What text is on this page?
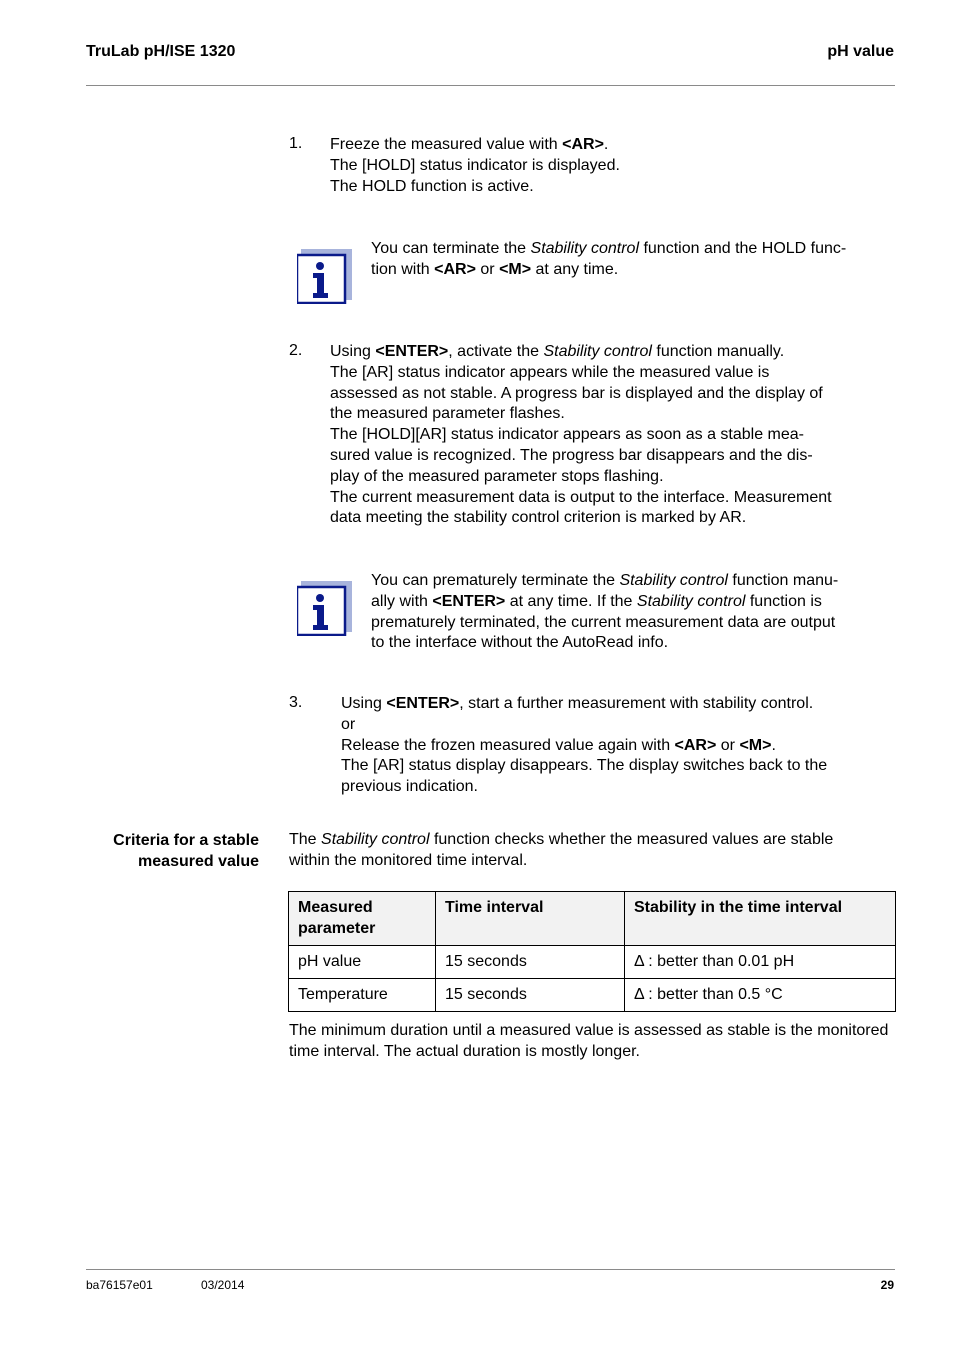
TruLab pH/ISE 1320	pH value
1. Freeze the measured value with <AR>.
The [HOLD] status indicator is displayed.
The HOLD function is active.
You can terminate the Stability control function and the HOLD func-
tion with <AR> or <M> at any time.
2. Using <ENTER>, activate the Stability control function manually.
The [AR] status indicator appears while the measured value is
assessed as not stable. A progress bar is displayed and the display of
the measured parameter flashes.
The [HOLD][AR] status indicator appears as soon as a stable mea-
sured value is recognized. The progress bar disappears and the dis-
play of the measured parameter stops flashing.
The current measurement data is output to the interface. Measurement
data meeting the stability control criterion is marked by AR.
You can prematurely terminate the Stability control function manu-
ally with <ENTER> at any time. If the Stability control function is
prematurely terminated, the current measurement data are output
to the interface without the AutoRead info.
3. Using <ENTER>, start a further measurement with stability control.
or
Release the frozen measured value again with <AR> or <M>.
The [AR] status display disappears. The display switches back to the
previous indication.
Criteria for a stable
measured value

The Stability control function checks whether the measured values are stable
within the monitored time interval.

Measured parameter	Time interval	Stability in the time interval
pH value	15 seconds	Δ : better than 0.01 pH
Temperature	15 seconds	Δ : better than 0.5 °C

The minimum duration until a measured value is assessed as stable is the monitored time interval. The actual duration is mostly longer.

ba76157e01	03/2014	29
